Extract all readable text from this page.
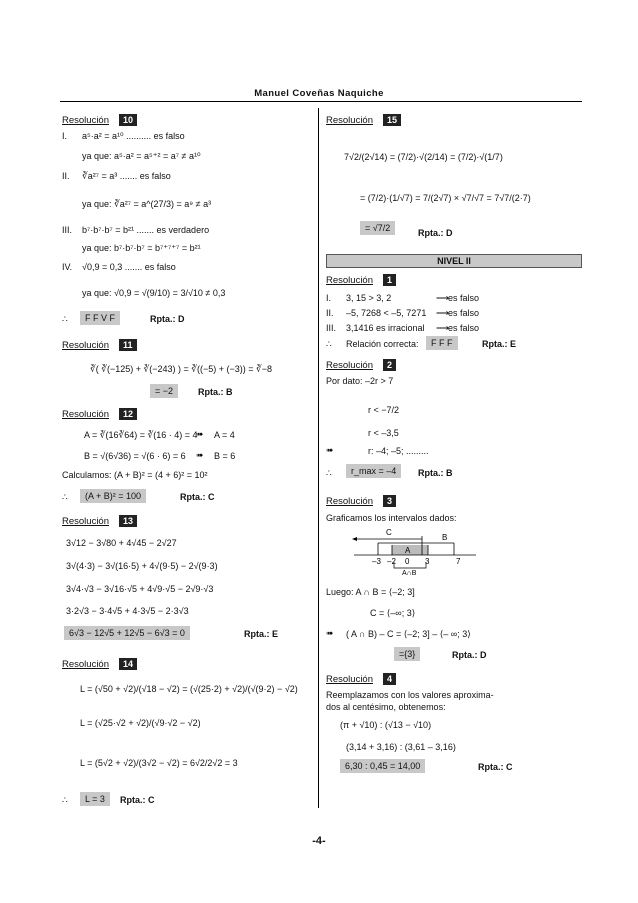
Manuel Coveñas Naquiche
Resolución 10
I. a⁵·a² = a¹⁰ .......... es falso
ya que: a⁵·a² = a⁵⁺² = a⁷ ≠ a¹⁰
II. ∛a²⁷ = a³ ....... es falso
ya que: ∛a²⁷ = a^(27/3) = a⁹ ≠ a³
III. b⁷·b⁷·b⁷ = b²¹ ....... es verdadero
ya que: b⁷·b⁷·b⁷ = b⁷⁺⁷⁺⁷ = b²¹
IV. √0,9 = 0,3 ....... es falso
ya que: √0,9 = √(9/10) = 3/√10 ≠ 0,3
∴	F F V F	Rpta.: D
Resolución 11
∛( ∛(−125) + ∛(−243) ) = ∛((−5) + (−3)) = ∛−8
= −2	Rpta.: B
Resolución 12
A = ∛(16∛64) = ∛(16 · 4) = 4
➠ A = 4
B = √(6√36) = √(6 · 6) = 6 ➠ B = 6
Calculamos: (A + B)² = (4 + 6)² = 10²
∴	(A + B)² = 100	Rpta.: C
Resolución 13
3√12 − 3√80 + 4√45 − 2√27
3√(4·3) − 3√(16·5) + 4√(9·5) − 2√(9·3)
3√4·√3 − 3√16·√5 + 4√9·√5 − 2√9·√3
3·2√3 − 3·4√5 + 4·3√5 − 2·3√3
6√3 − 12√5 + 12√5 − 6√3 = 0	Rpta.: E
Resolución 14
L = (√50 + √2)/(√18 − √2) = (√(25·2) + √2)/(√(9·2) − √2)
L = (√25·√2 + √2)/(√9·√2 − √2)
L = (5√2 + √2)/(3√2 − √2) = 6√2/2√2 = 3
∴	L = 3	Rpta.: C
Resolución 15
7√2/(2√14) = (7/2)·√(2/14) = (7/2)·√(1/7)
= (7/2)·(1/√7) = 7/(2√7) × √7/√7 = 7√7/(2·7)
= √7/2	Rpta.: D
NIVEL II
Resolución 1
I. 3, 15 > 3, 2	⟶ es falso
II. –5, 7268 < –5, 7271 ⟶ es falso
III. 3,1416 es irracional ⟶ es falso
∴ Relación correcta:	F F F	Rpta.: E
Resolución 2
Por dato: –2r > 7
r < −7/2
r < –3,5
➠	r: –4; –5; .........
∴	r_max = –4	Rpta.: B
Resolución 3
Graficamos los intervalos dados:
C
B
A
A∩B
–3 –2 0 3	7
Luego: A ∩ B = ⟨–2; 3]
C = ⟨–∞; 3⟩
➠ ( A ∩ B) – C = ⟨–2; 3] – ⟨– ∞; 3⟩
={3}	Rpta.: D
Resolución 4
Reemplazamos con los valores aproxima-
dos al centésimo, obtenemos:
(π + √10) : (√13 − √10)
(3,14 + 3,16) : (3,61 – 3,16)
6,30 : 0,45 = 14,00	Rpta.: C
-4-
